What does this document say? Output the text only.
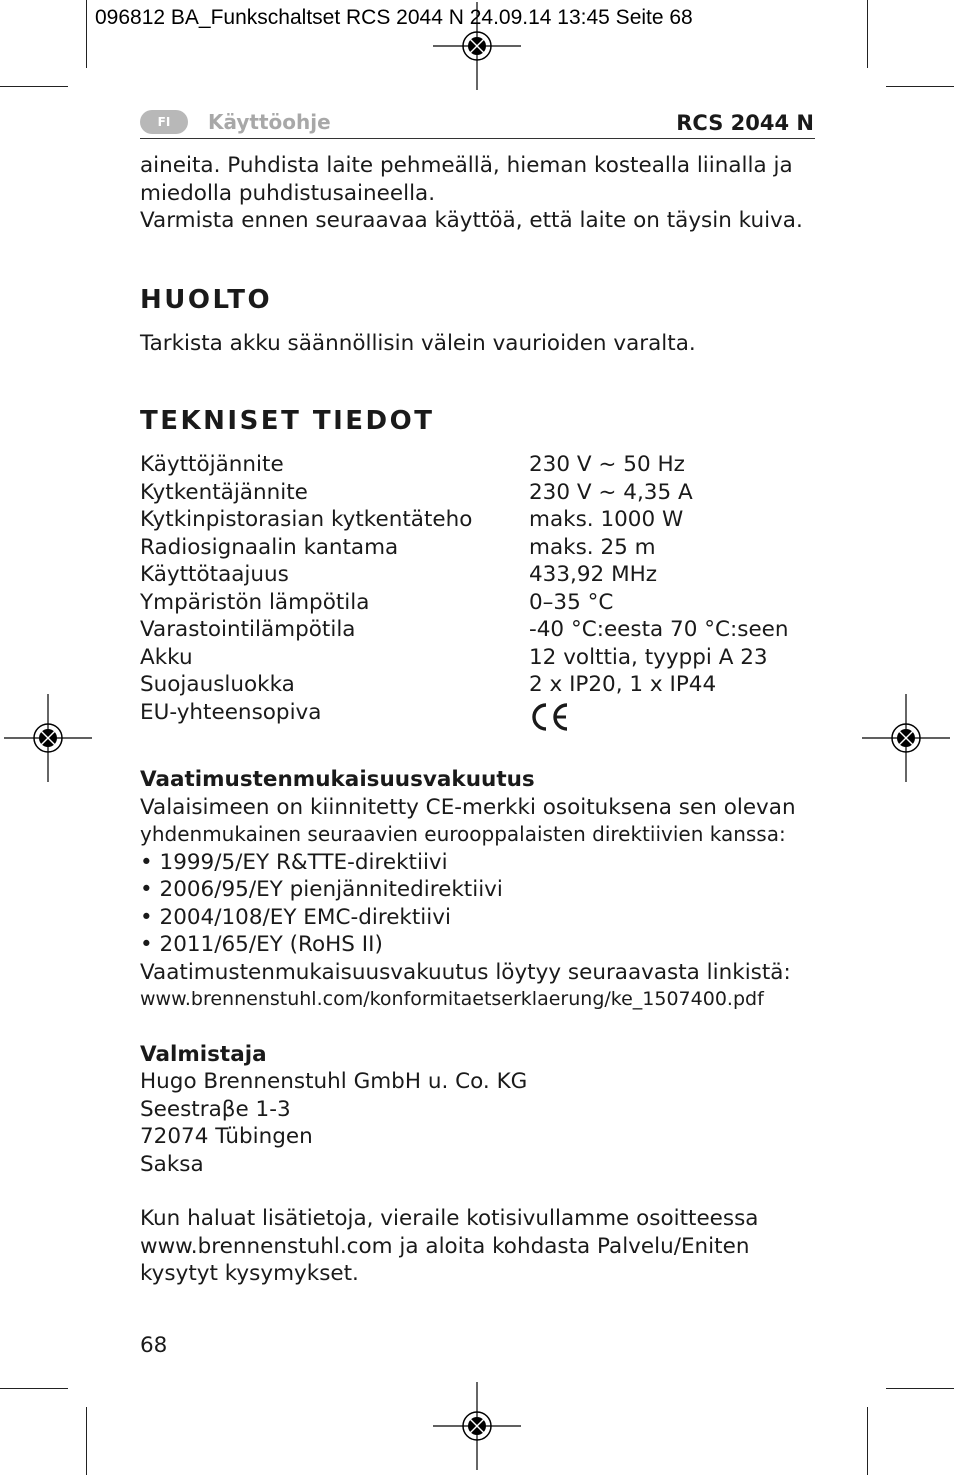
096812 BA_Funkschaltset RCS 2044 N 24.09.14 13:45 Seite 68
FI	Käyttöohje	RCS 2044 N

aineita. Puhdista laite pehmeällä, hieman kostealla liinalla ja miedolla puhdistusaineella.

Varmista ennen seuraavaa käyttöä, että laite on täysin kuiva.

HUOLTO

Tarkista akku säännöllisin välein vaurioiden varalta.

TEKNISET TIEDOT
Käyttöjännite	230 V ~ 50 Hz
Kytkentäjännite	230 V ~ 4,35 A
Kytkinpistorasian kytkentäteho	maks. 1000 W
Radiosignaalin kantama	maks. 25 m
Käyttötaajuus	433,92 MHz
Ympäristön lämpötila	0–35 °C
Varastointilämpötila	-40 °C:eesta 70 °C:seen
Akku	12 volttia, tyyppi A 23
Suojausluokka	2 x IP20, 1 x IP44
EU-yhteensopiva	

Vaatimustenmukaisuusvakuutus

Valaisimeen on kiinnitetty CE-merkki osoituksena sen olevan

yhdenmukainen seuraavien eurooppalaisten direktiivien kanssa:

• 1999/5/EY R&TTE-direktiivi

• 2006/95/EY pienjännitedirektiivi

• 2004/108/EY EMC-direktiivi

• 2011/65/EY (RoHS II)

Vaatimustenmukaisuusvakuutus löytyy seuraavasta linkistä:

www.brennenstuhl.com/konformitaetserklaerung/ke_1507400.pdf

Valmistaja

Hugo Brennenstuhl GmbH u. Co. KG

Seestraβe 1-3

72074 Tübingen

Saksa

Kun haluat lisätietoja, vieraile kotisivullamme osoitteessa

www.brennenstuhl.com ja aloita kohdasta Palvelu/Eniten

kysytyt kysymykset.

68
